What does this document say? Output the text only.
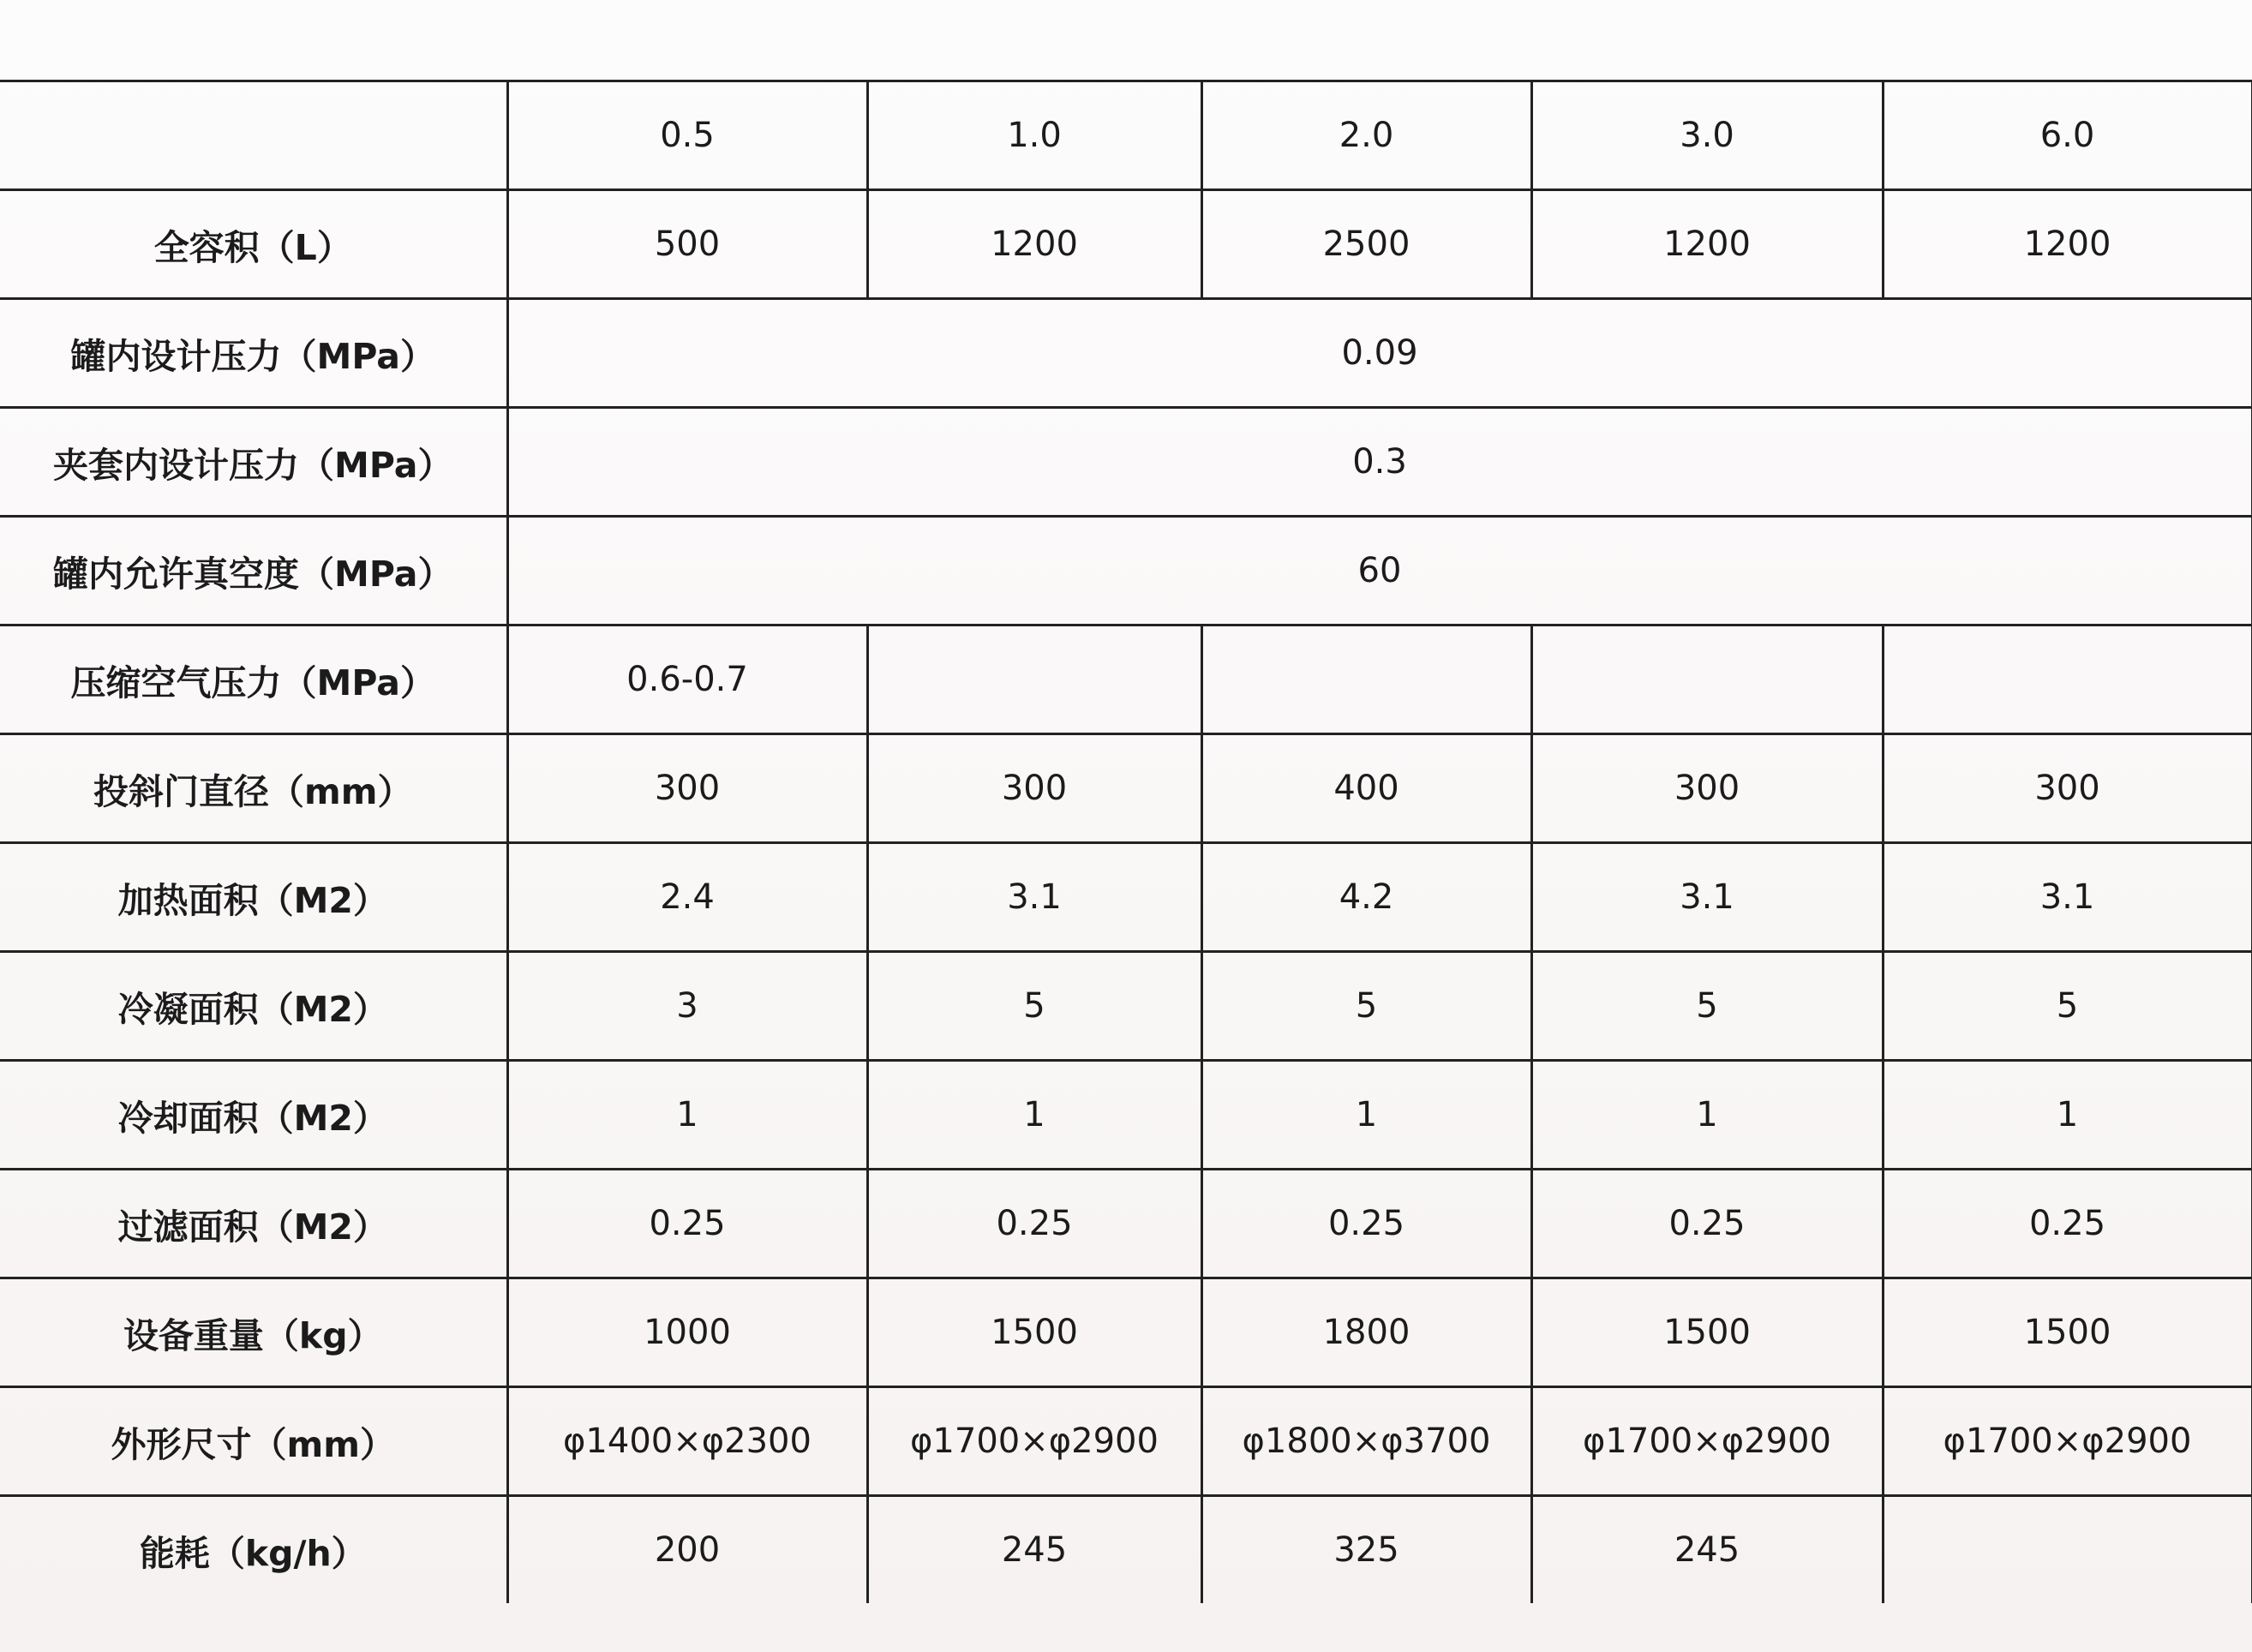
	0.5	1.0	2.0	3.0	6.0
全容积（L）	500	1200	2500	1200	1200
罐内设计压力（MPa）	0.09				
夹套内设计压力（MPa）	0.3				
罐内允许真空度（MPa）	60				
压缩空气压力（MPa）	0.6-0.7				
投斜门直径（mm）	300	300	400	300	300
加热面积（M2）	2.4	3.1	4.2	3.1	3.1
冷凝面积（M2）	3	5	5	5	5
冷却面积（M2）	1	1	1	1	1
过滤面积（M2）	0.25	0.25	0.25	0.25	0.25
设备重量（kg）	1000	1500	1800	1500	1500
外形尺寸（mm）	φ1400×φ2300	φ1700×φ2900	φ1800×φ3700	φ1700×φ2900	φ1700×φ2900
能耗（kg/h）	200	245	325	245	
